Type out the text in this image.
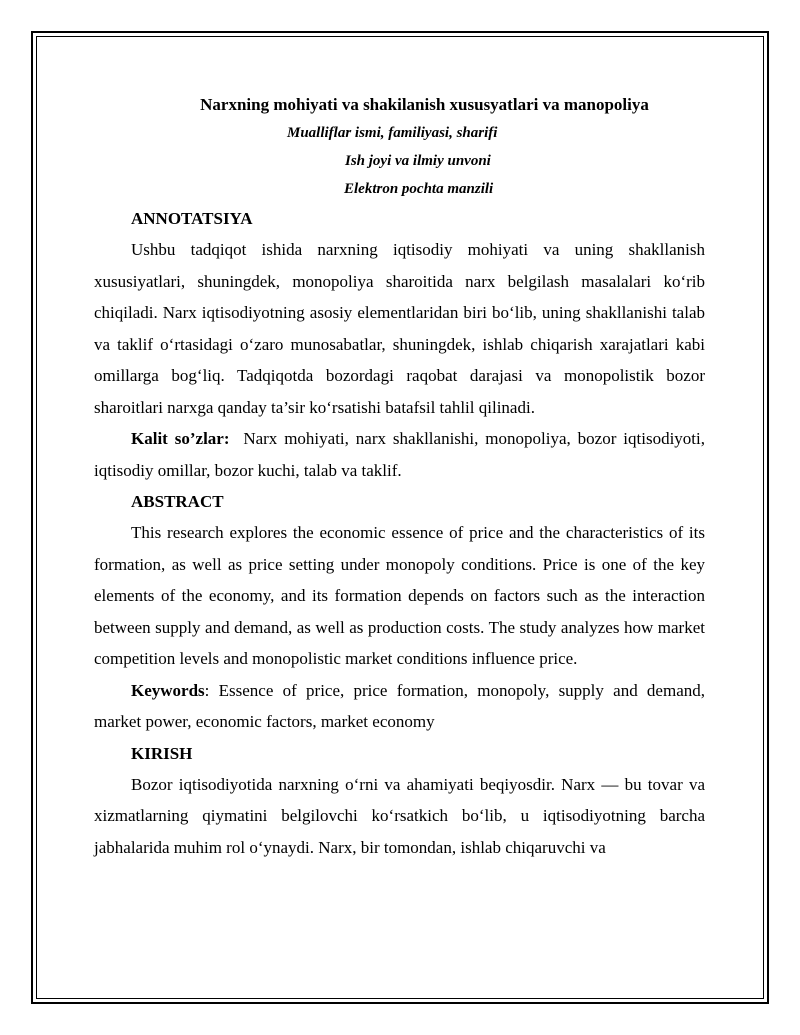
Narxning mohiyati va shakilanish xususyatlari va manopoliya

Mualliflar ismi, familiyasi, sharifi

Ish joyi va ilmiy unvoni

Elektron pochta manzili

ANNOTATSIYA

Ushbu tadqiqot ishida narxning iqtisodiy mohiyati va uning shakllanish xususiyatlari, shuningdek, monopoliya sharoitida narx belgilash masalalari ko‘rib chiqiladi. Narx iqtisodiyotning asosiy elementlaridan biri bo‘lib, uning shakllanishi talab va taklif o‘rtasidagi o‘zaro munosabatlar, shuningdek, ishlab chiqarish xarajatlari kabi omillarga bog‘liq. Tadqiqotda bozordagi raqobat darajasi va monopolistik bozor sharoitlari narxga qanday ta’sir ko‘rsatishi batafsil tahlil qilinadi.

Kalit so’zlar:  Narx mohiyati, narx shakllanishi, monopoliya, bozor iqtisodiyoti, iqtisodiy omillar, bozor kuchi, talab va taklif.

ABSTRACT

This research explores the economic essence of price and the characteristics of its formation, as well as price setting under monopoly conditions. Price is one of the key elements of the economy, and its formation depends on factors such as the interaction between supply and demand, as well as production costs. The study analyzes how market competition levels and monopolistic market conditions influence price.

Keywords: Essence of price, price formation, monopoly, supply and demand, market power, economic factors, market economy

KIRISH

Bozor iqtisodiyotida narxning o‘rni va ahamiyati beqiyosdir. Narx — bu tovar va xizmatlarning qiymatini belgilovchi ko‘rsatkich bo‘lib, u iqtisodiyotning barcha jabhalarida muhim rol o‘ynaydi. Narx, bir tomondan, ishlab chiqaruvchi va
